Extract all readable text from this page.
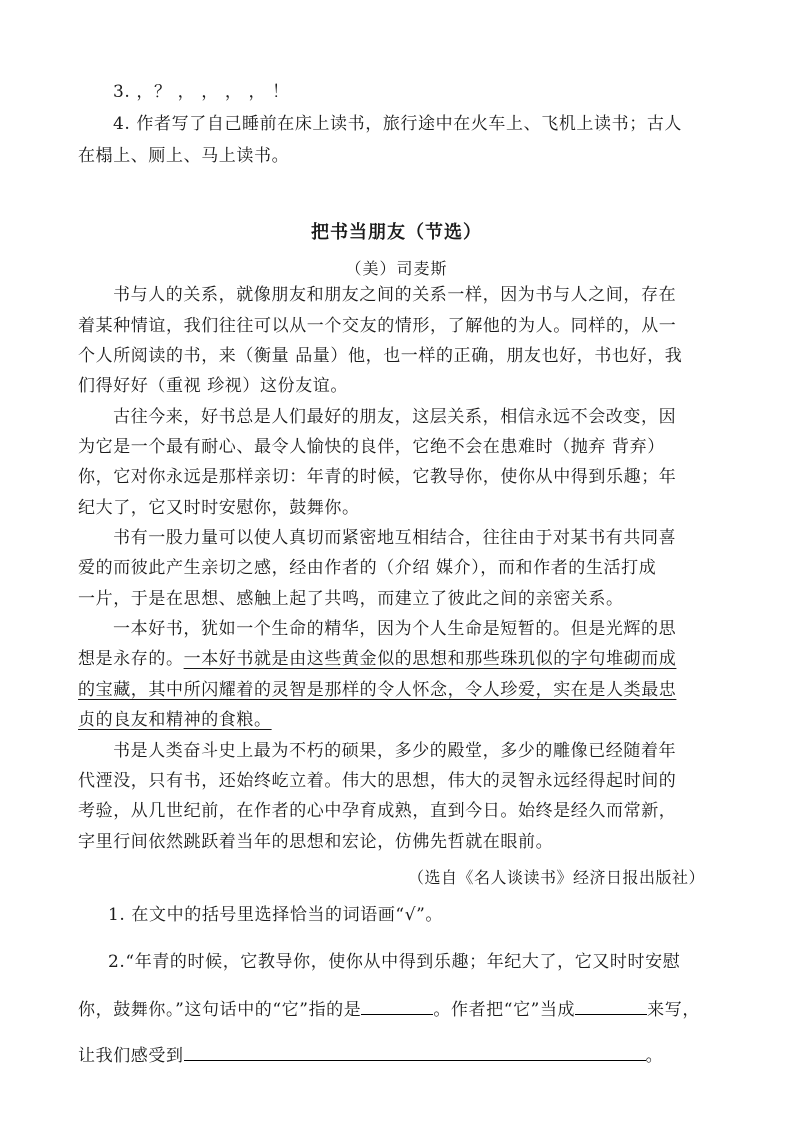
3. ，？ ， ， ， ， ！
4. 作者写了自己睡前在床上读书，旅行途中在火车上、飞机上读书；古人
在榻上、厕上、马上读书。
把书当朋友（节选）
（美）司麦斯
书与人的关系，就像朋友和朋友之间的关系一样，因为书与人之间，存在
着某种情谊，我们往往可以从一个交友的情形，了解他的为人。同样的，从一
个人所阅读的书，来（衡量 品量）他，也一样的正确，朋友也好，书也好，我
们得好好（重视 珍视）这份友谊。
古往今来，好书总是人们最好的朋友，这层关系，相信永远不会改变，因
为它是一个最有耐心、最令人愉快的良伴，它绝不会在患难时（抛弃 背弃）
你，它对你永远是那样亲切：年青的时候，它教导你，使你从中得到乐趣；年
纪大了，它又时时安慰你，鼓舞你。
书有一股力量可以使人真切而紧密地互相结合，往往由于对某书有共同喜
爱的而彼此产生亲切之感，经由作者的（介绍 媒介），而和作者的生活打成
一片，于是在思想、感触上起了共鸣，而建立了彼此之间的亲密关系。
一本好书，犹如一个生命的精华，因为个人生命是短暂的。但是光辉的思
想是永存的。一本好书就是由这些黄金似的思想和那些珠玑似的字句堆砌而成
的宝藏，其中所闪耀着的灵智是那样的令人怀念，令人珍爱，实在是人类最忠
贞的良友和精神的食粮。
书是人类奋斗史上最为不朽的硕果，多少的殿堂，多少的雕像已经随着年
代湮没，只有书，还始终屹立着。伟大的思想，伟大的灵智永远经得起时间的
考验，从几世纪前，在作者的心中孕育成熟，直到今日。始终是经久而常新，
字里行间依然跳跃着当年的思想和宏论，仿佛先哲就在眼前。
（选自《名人谈读书》经济日报出版社）
1. 在文中的括号里选择恰当的词语画“√”。
2.“年青的时候，它教导你，使你从中得到乐趣；年纪大了，它又时时安慰
你，鼓舞你。”这句话中的“它”指的是	。作者把“它”当成	来写，
让我们感受到	。
